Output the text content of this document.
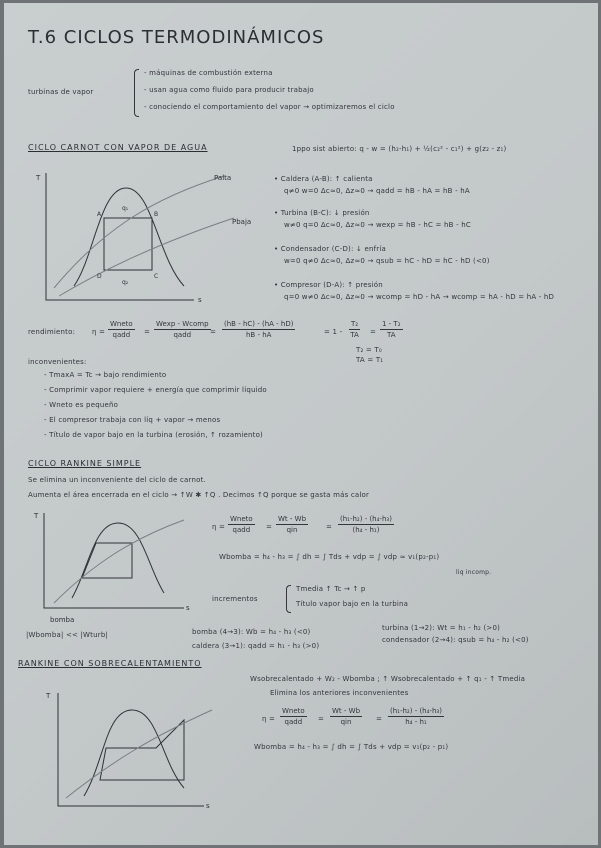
T.6 CICLOS TERMODINÁMICOS
turbinas de vapor
- máquinas de combustión externa
- usan agua como fluido para producir trabajo
- conociendo el comportamiento del vapor → optimizaremos el ciclo
CICLO CARNOT CON VAPOR DE AGUA	1ppo sist abierto: q - w = (h₂-h₁) + ½(c₂² - c₁²) + g(z₂ - z₁)
T
s
Palta
Pbaja
A	B
C
D
q₁
q₂
• Caldera (A-B): ↑ calienta
q≠0 w=0 Δc≈0, Δz≈0 → qadd = hB - hA = hB - hA
• Turbina (B-C): ↓ presión
w≠0 q=0 Δc≈0, Δz≈0 → wexp = hB - hC = hB - hC
• Condensador (C-D): ↓ enfría
w=0 q≠0 Δc≈0, Δz≈0 → qsub = hC - hD = hC - hD (<0)
• Compresor (D-A): ↑ presión
q=0 w≠0 Δc≈0, Δz≈0 → wcomp = hD - hA → wcomp = hA - hD = hA - hD
rendimiento: η =
Wneto
qadd =
Wexp - Wcomp
qadd	= $\frac{(hB - hC) - (hA - hD)}{hB - hA}$	= $1 - \frac{\text{T₂}}{TA} = \frac{\text{1 - T₂}}{TA}$
T₂ = T₀
TA = T₁
inconvenientes:
- TmaxA = Tc → bajo rendimiento
- Comprimir vapor requiere + energía que comprimir líquido
- Wneto es pequeño
- El compresor trabaja con líq + vapor → menos
- Título de vapor bajo en la turbina (erosión, ↑ rozamiento)
CICLO RANKINE SIMPLE
Se elimina un inconveniente del ciclo de carnot.
Aumenta el área encerrada en el ciclo → ↑W ✱ ↑Q . Decimos ↑Q porque se gasta más calor
T
s
bomba
|Wbomba| << |Wturb|
η =
Wneto
qadd =
Wt - Wb
qin	= $\frac{\text{(h₁-h₂) - (h₄-h₃)}}{\text{(h₄ - h₁)}}$
Wbomba = h₄ - h₃ = ∫ dh = ∫ Tds + vdp = ∫ vdp ≈ v₁(p₂-p₁)
liq incomp.
incrementos
Tmedia ↑ Tc → ↑ p
Título vapor bajo en la turbina
bomba (4→3): Wb = h₄ - h₃ (<0)	turbina (1→2): Wt = h₁ - h₂ (>0)
caldera (3→1): qadd = h₁ - h₃ (>0)
condensador (2→4): qsub = h₄ - h₂ (<0)
RANKINE CON SOBRECALENTAMIENTO
Wsobrecalentado + W₂ - Wbomba ; ↑ Wsobrecalentado + ↑ q₁ - ↑ Tmedia
Elimina los anteriores inconvenientes
T
s
η =
Wneto
qadd =
Wt - Wb
qin	= $\frac{\text{(h₁-h₂) - (h₄-h₃)}}{\text{h₄ - h₁}}$
Wbomba = h₄ - h₃ = ∫ dh = ∫ Tds + vdp = v₁(p₂ - p₁)
